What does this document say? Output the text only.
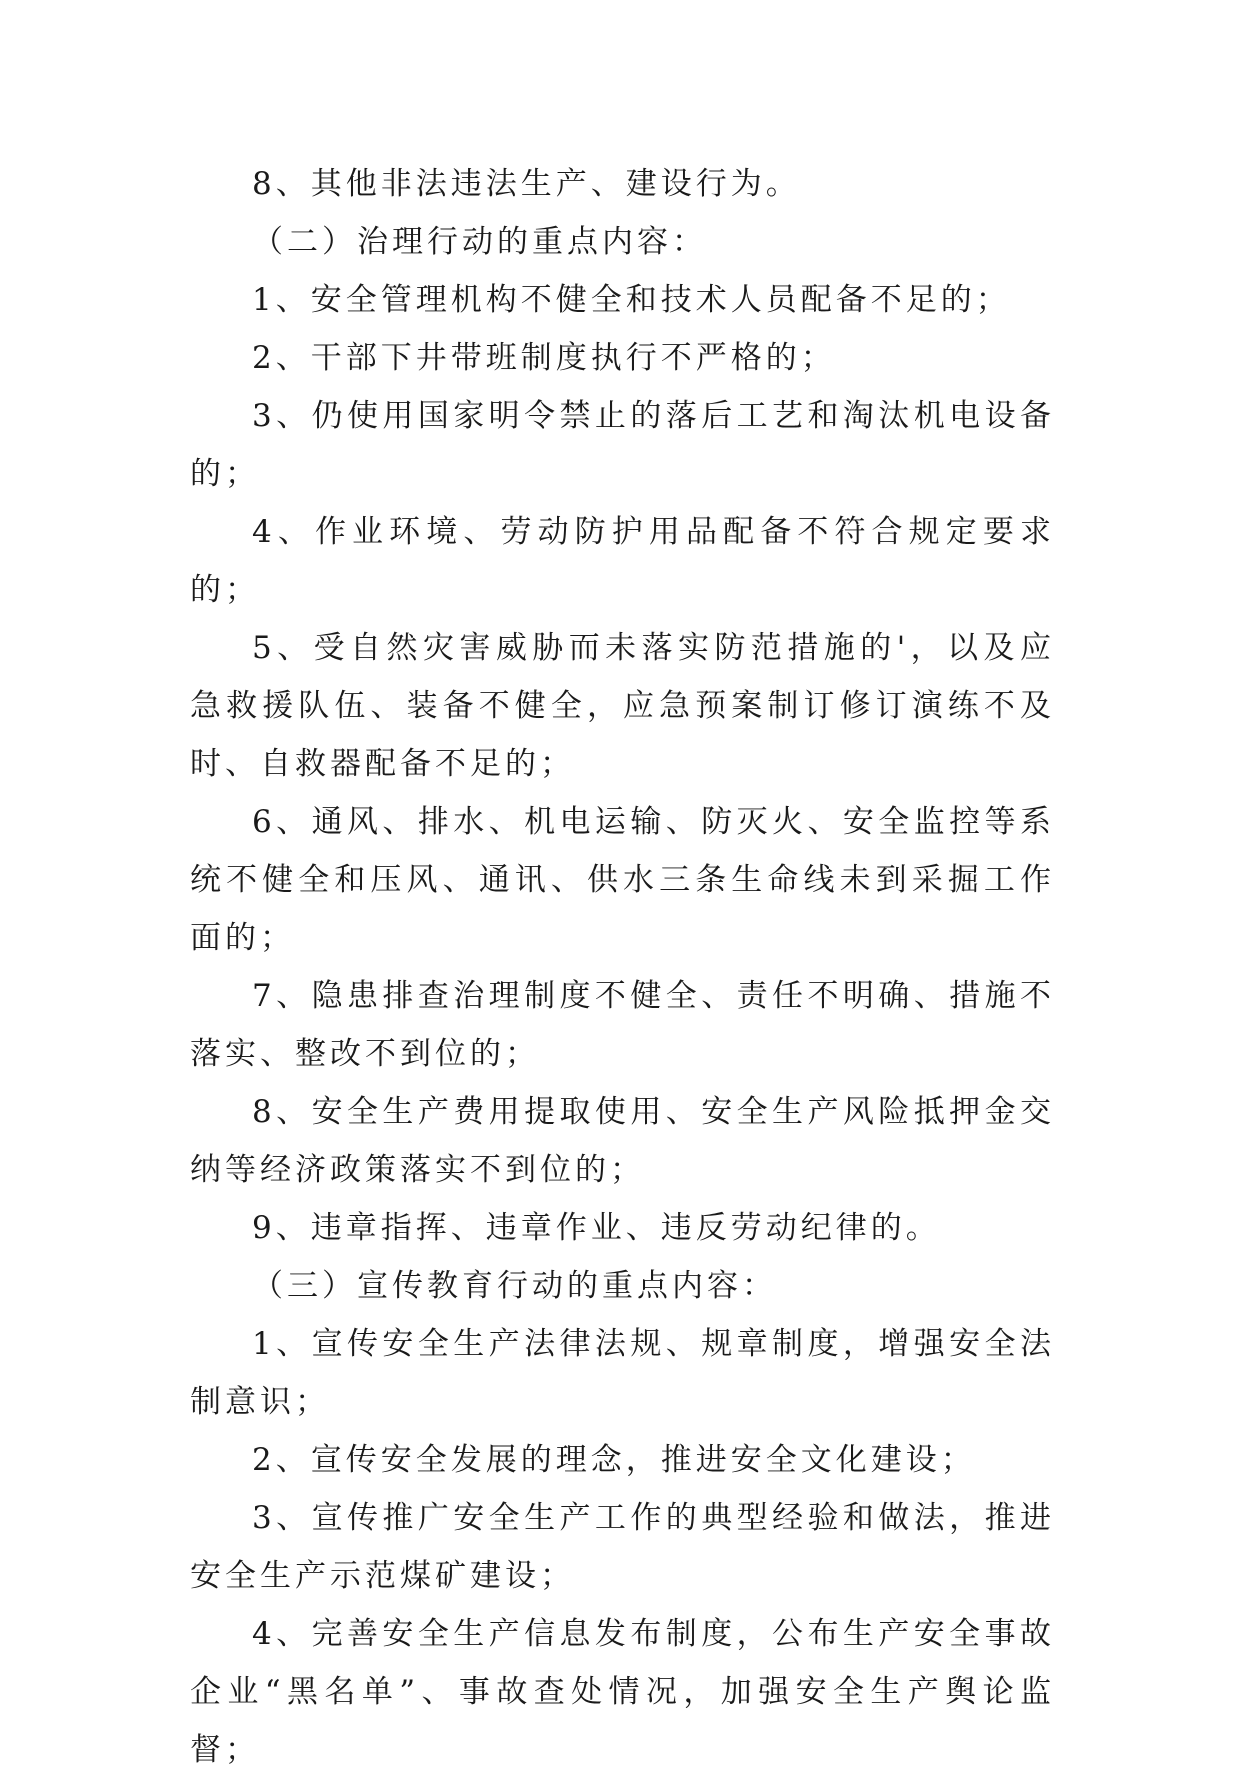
8、其他非法违法生产、建设行为。

（二）治理行动的重点内容：

1、安全管理机构不健全和技术人员配备不足的；

2、干部下井带班制度执行不严格的；

3、仍使用国家明令禁止的落后工艺和淘汰机电设备的；

4、作业环境、劳动防护用品配备不符合规定要求的；

5、受自然灾害威胁而未落实防范措施的'，以及应急救援队伍、装备不健全，应急预案制订修订演练不及时、自救器配备不足的；

6、通风、排水、机电运输、防灭火、安全监控等系统不健全和压风、通讯、供水三条生命线未到采掘工作面的；

7、隐患排查治理制度不健全、责任不明确、措施不落实、整改不到位的；

8、安全生产费用提取使用、安全生产风险抵押金交纳等经济政策落实不到位的；

9、违章指挥、违章作业、违反劳动纪律的。

（三）宣传教育行动的重点内容：

1、宣传安全生产法律法规、规章制度，增强安全法制意识；

2、宣传安全发展的理念，推进安全文化建设；

3、宣传推广安全生产工作的典型经验和做法，推进安全生产示范煤矿建设；

4、完善安全生产信息发布制度，公布生产安全事故企业“黑名单”、事故查处情况，加强安全生产舆论监督；
